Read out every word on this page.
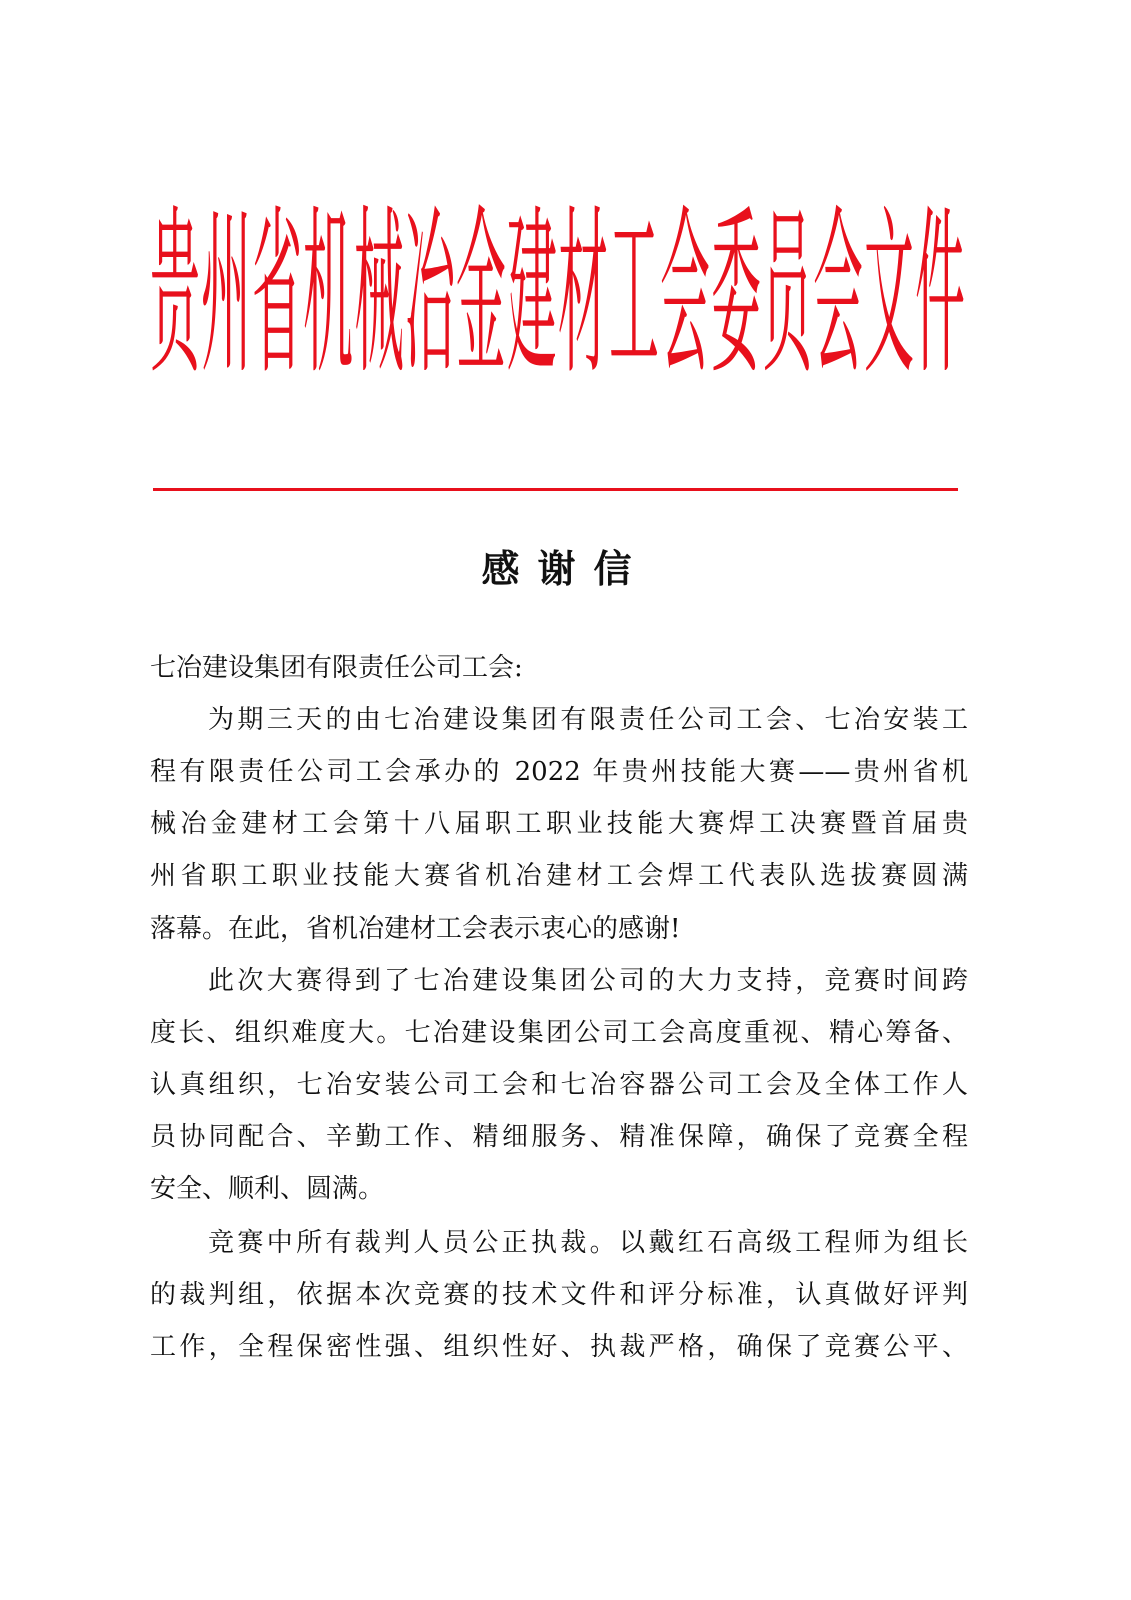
贵州省机械冶金建材工会委员会文件
感谢信
七冶建设集团有限责任公司工会:
为期三天的由七冶建设集团有限责任公司工会、七冶安装工
程有限责任公司工会承办的 2022 年贵州技能大赛——贵州省机
械冶金建材工会第十八届职工职业技能大赛焊工决赛暨首届贵
州省职工职业技能大赛省机冶建材工会焊工代表队选拔赛圆满
落幕。在此，省机冶建材工会表示衷心的感谢!
此次大赛得到了七冶建设集团公司的大力支持，竞赛时间跨
度长、组织难度大。七冶建设集团公司工会高度重视、精心筹备、
认真组织，七冶安装公司工会和七冶容器公司工会及全体工作人
员协同配合、辛勤工作、精细服务、精准保障，确保了竞赛全程
安全、顺利、圆满。
竞赛中所有裁判人员公正执裁。以戴红石高级工程师为组长
的裁判组，依据本次竞赛的技术文件和评分标准，认真做好评判
工作，全程保密性强、组织性好、执裁严格，确保了竞赛公平、
